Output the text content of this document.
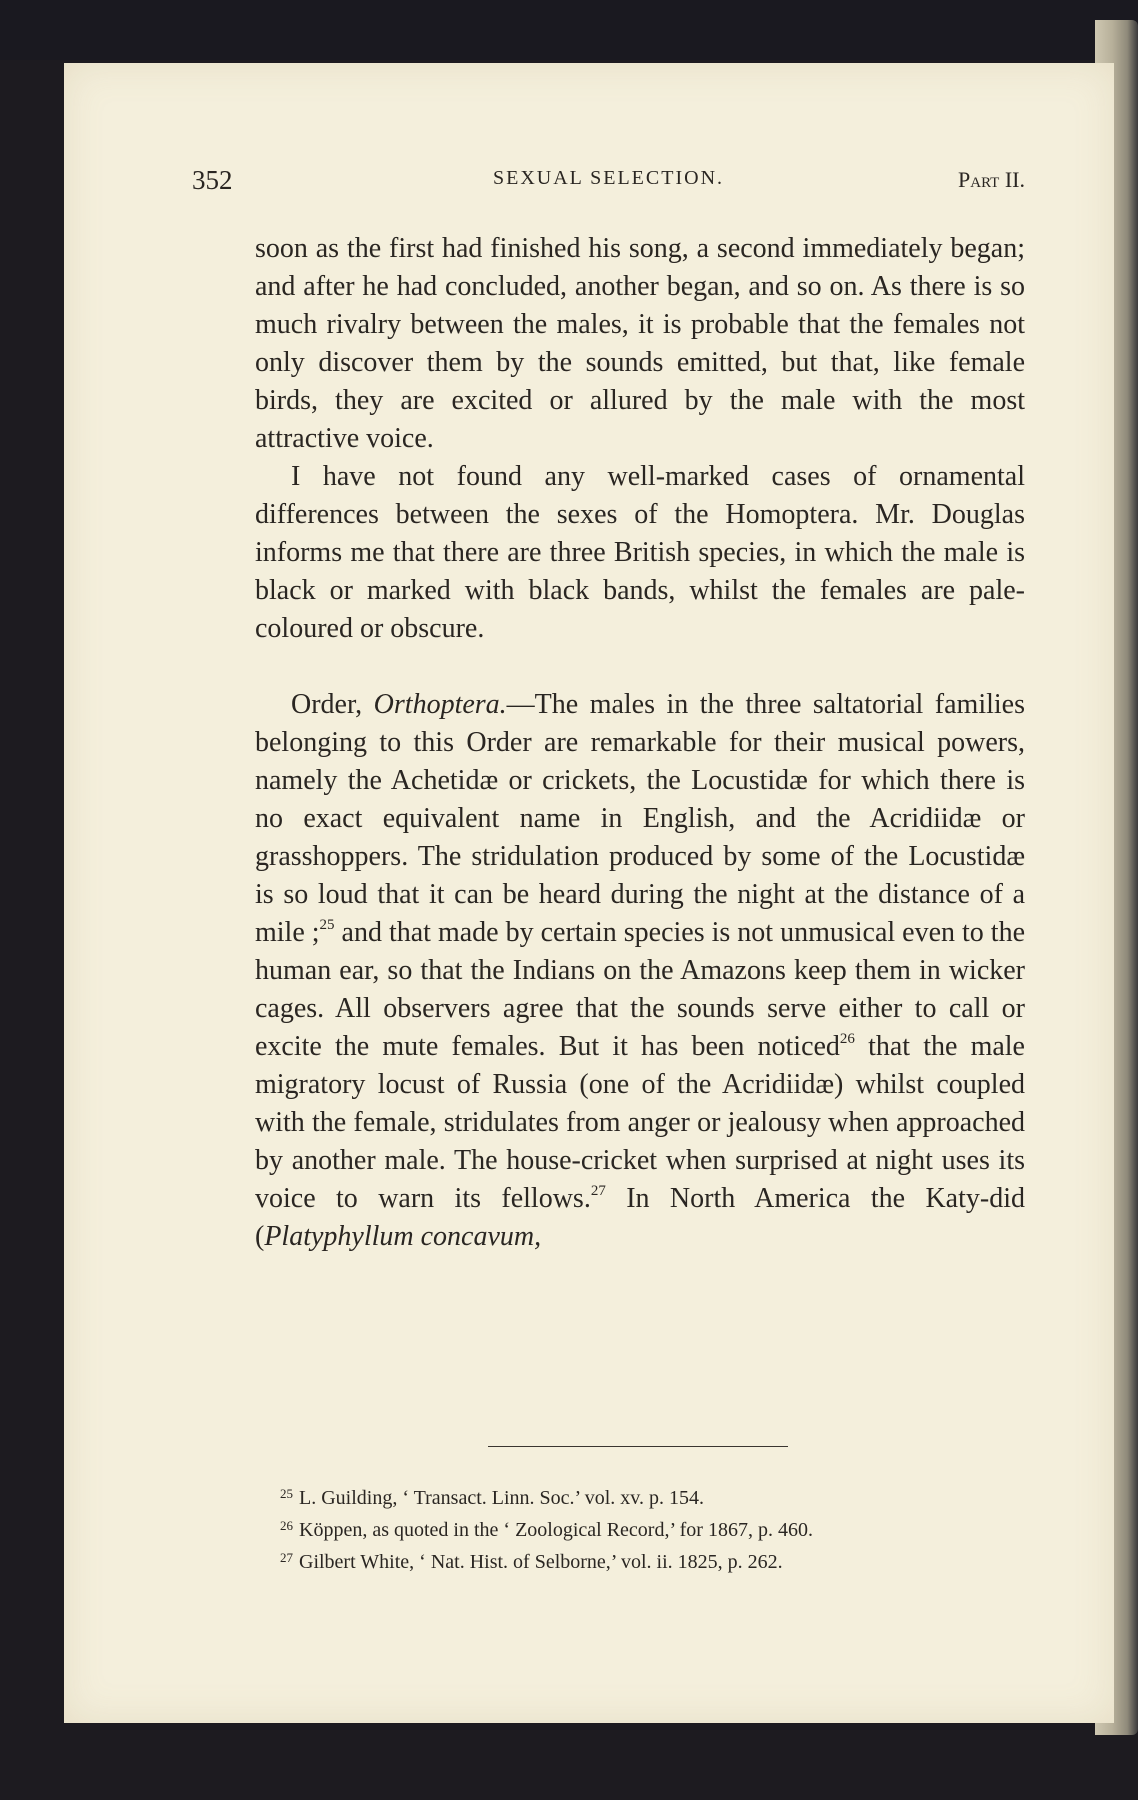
352	SEXUAL SELECTION.	Part II.

soon as the first had finished his song, a second immediately began; and after he had concluded, another began, and so on. As there is so much rivalry between the males, it is probable that the females not only discover them by the sounds emitted, but that, like female birds, they are excited or allured by the male with the most attractive voice.

I have not found any well-marked cases of ornamental differences between the sexes of the Homoptera. Mr. Douglas informs me that there are three British species, in which the male is black or marked with black bands, whilst the females are pale-coloured or obscure.

Order, Orthoptera.—The males in the three saltatorial families belonging to this Order are remarkable for their musical powers, namely the Achetidæ or crickets, the Locustidæ for which there is no exact equivalent name in English, and the Acridiidæ or grasshoppers. The stridulation produced by some of the Locustidæ is so loud that it can be heard during the night at the distance of a mile ;$^{25}$ and that made by certain species is not unmusical even to the human ear, so that the Indians on the Amazons keep them in wicker cages. All observers agree that the sounds serve either to call or excite the mute females. But it has been noticed$^{26}$ that the male migratory locust of Russia (one of the Acridiidæ) whilst coupled with the female, stridulates from anger or jealousy when approached by another male. The house-cricket when surprised at night uses its voice to warn its fellows.$^{27}$ In North America the Katy-did (Platyphyllum concavum,

$^{25}$ L. Guilding, ‘ Transact. Linn. Soc.’ vol. xv. p. 154.
$^{26}$ Köppen, as quoted in the ‘ Zoological Record,’ for 1867, p. 460.
$^{27}$ Gilbert White, ‘ Nat. Hist. of Selborne,’ vol. ii. 1825, p. 262.
